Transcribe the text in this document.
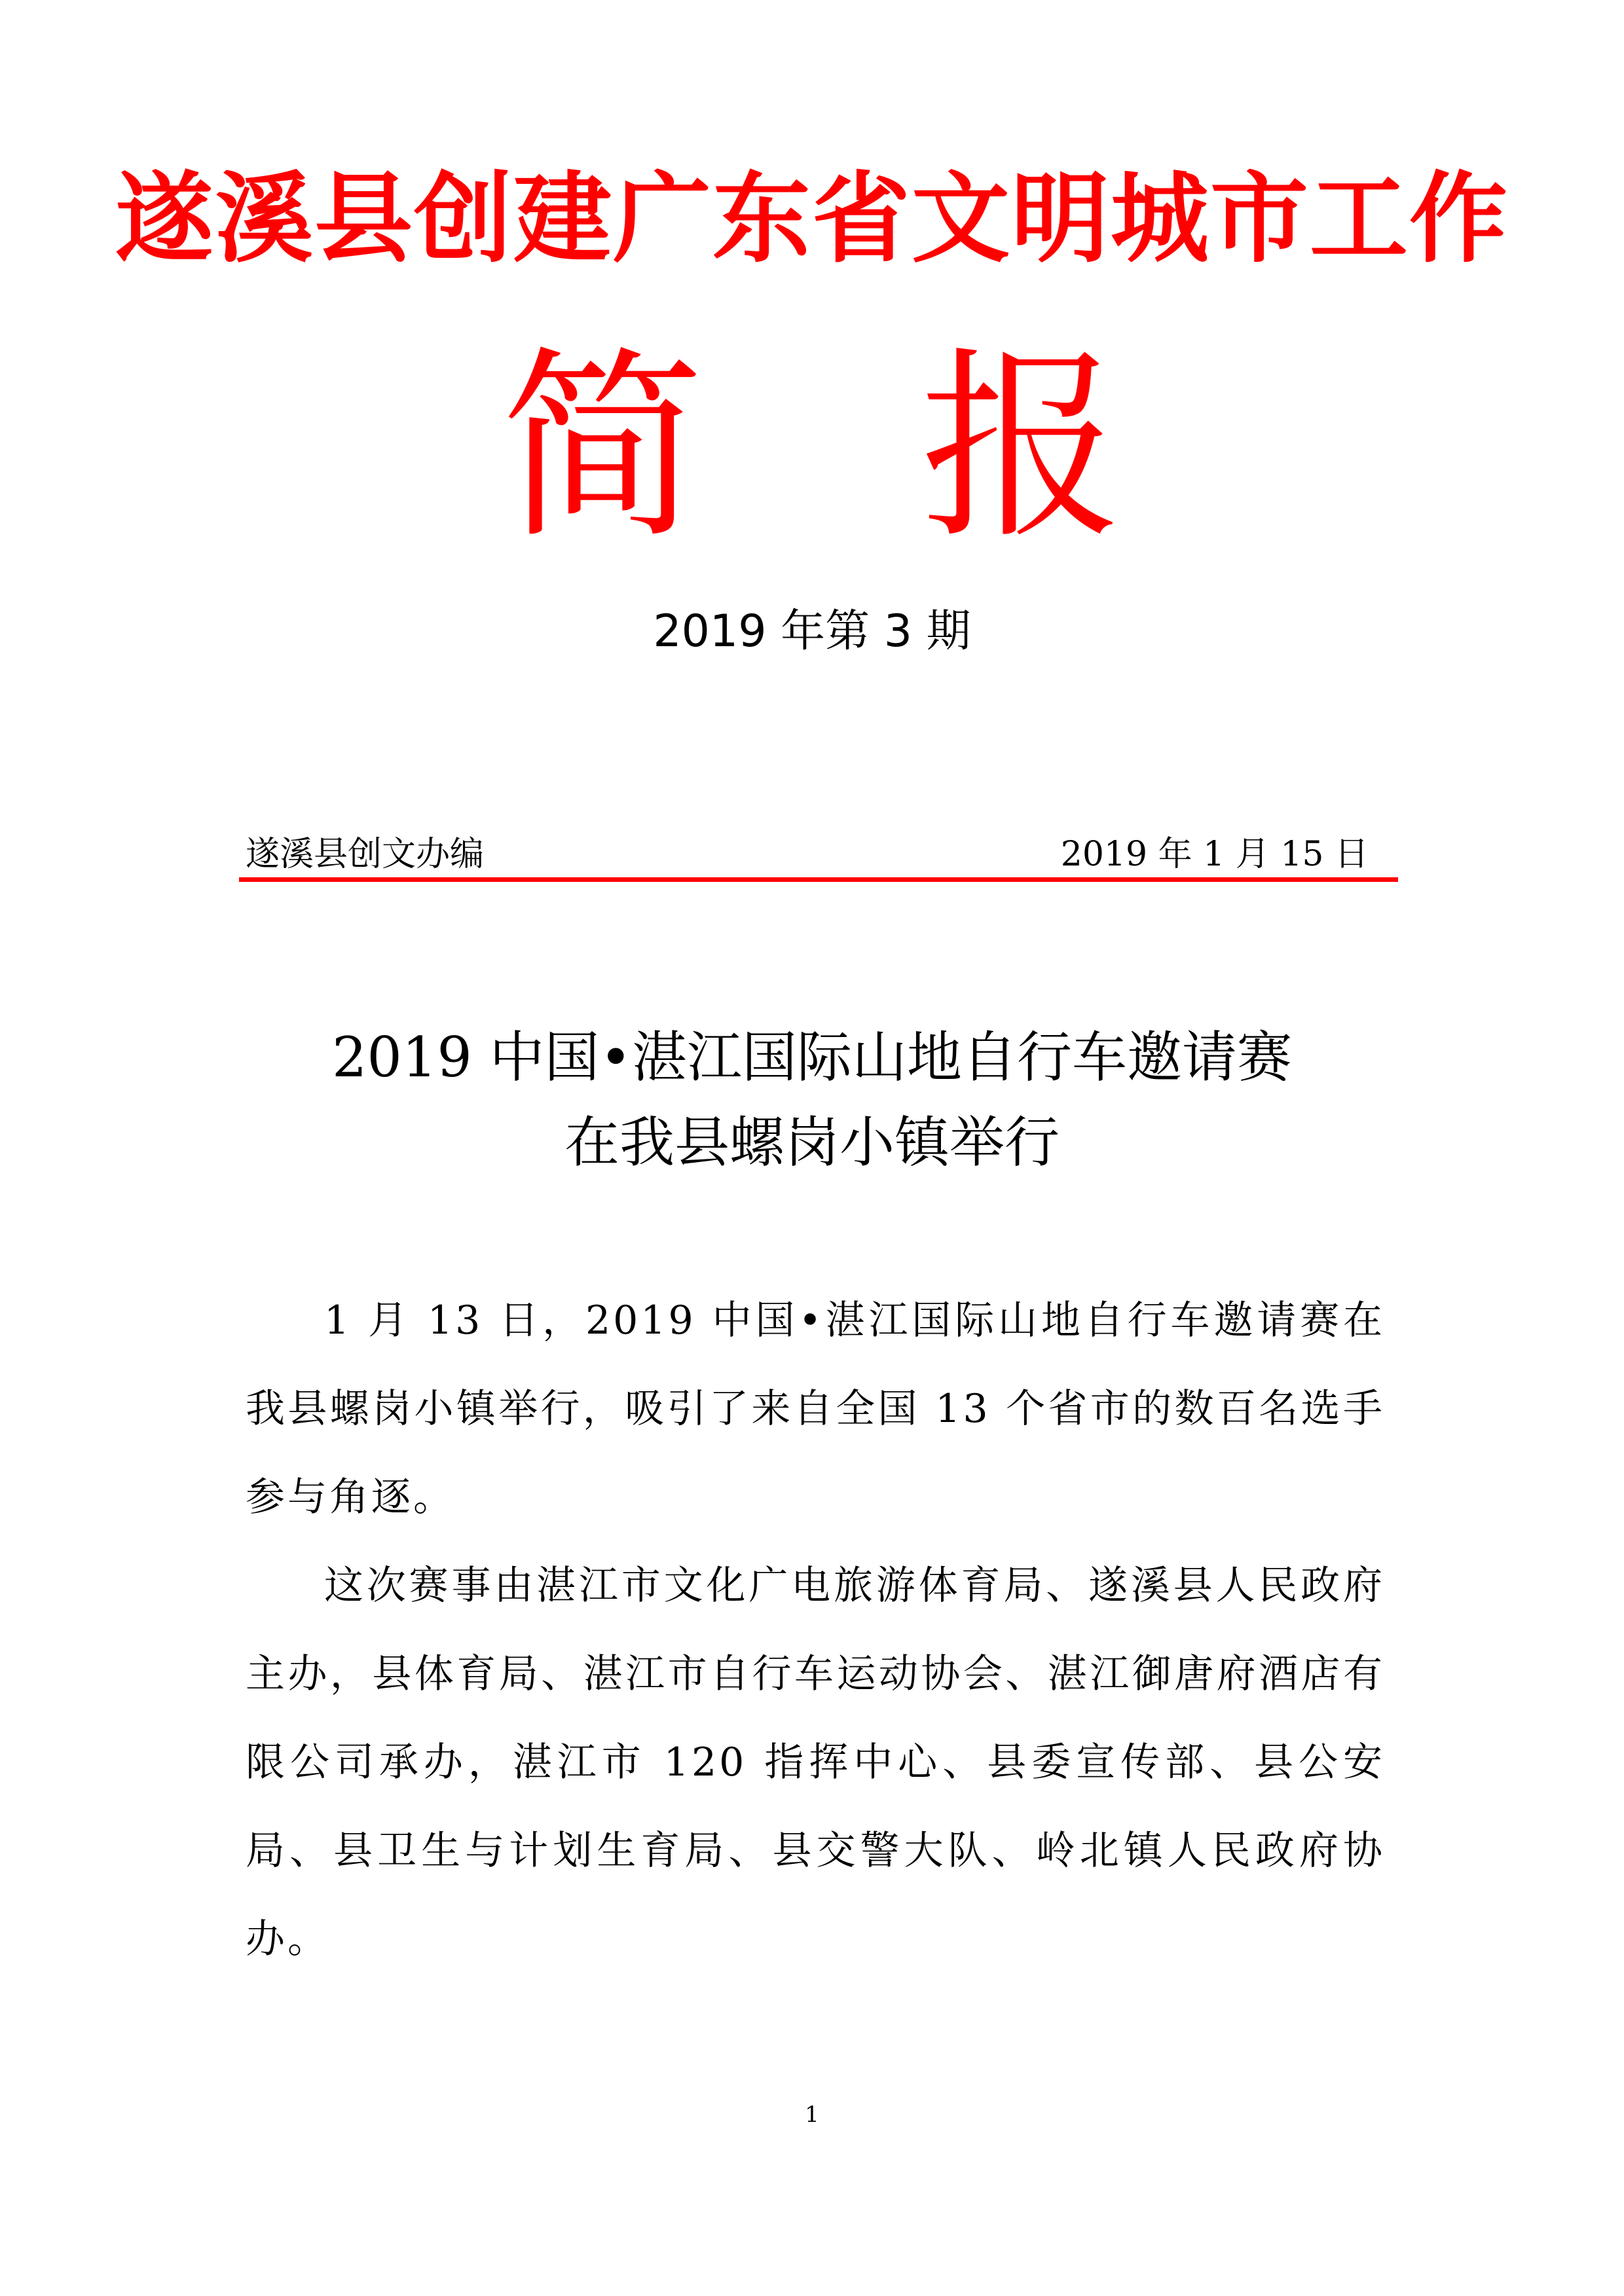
遂溪县创建广东省文明城市工作
简 报
2019 年第 3 期
遂溪县创文办编	2019 年 1 月 15 日
2019 中国•湛江国际山地自行车邀请赛
在我县螺岗小镇举行

1 月 13 日，2019 中国•湛江国际山地自行车邀请赛在我县螺岗小镇举行，吸引了来自全国 13 个省市的数百名选手参与角逐。

这次赛事由湛江市文化广电旅游体育局、遂溪县人民政府主办，县体育局、湛江市自行车运动协会、湛江御唐府酒店有限公司承办，湛江市 120 指挥中心、县委宣传部、县公安局、县卫生与计划生育局、县交警大队、岭北镇人民政府协办。

1
